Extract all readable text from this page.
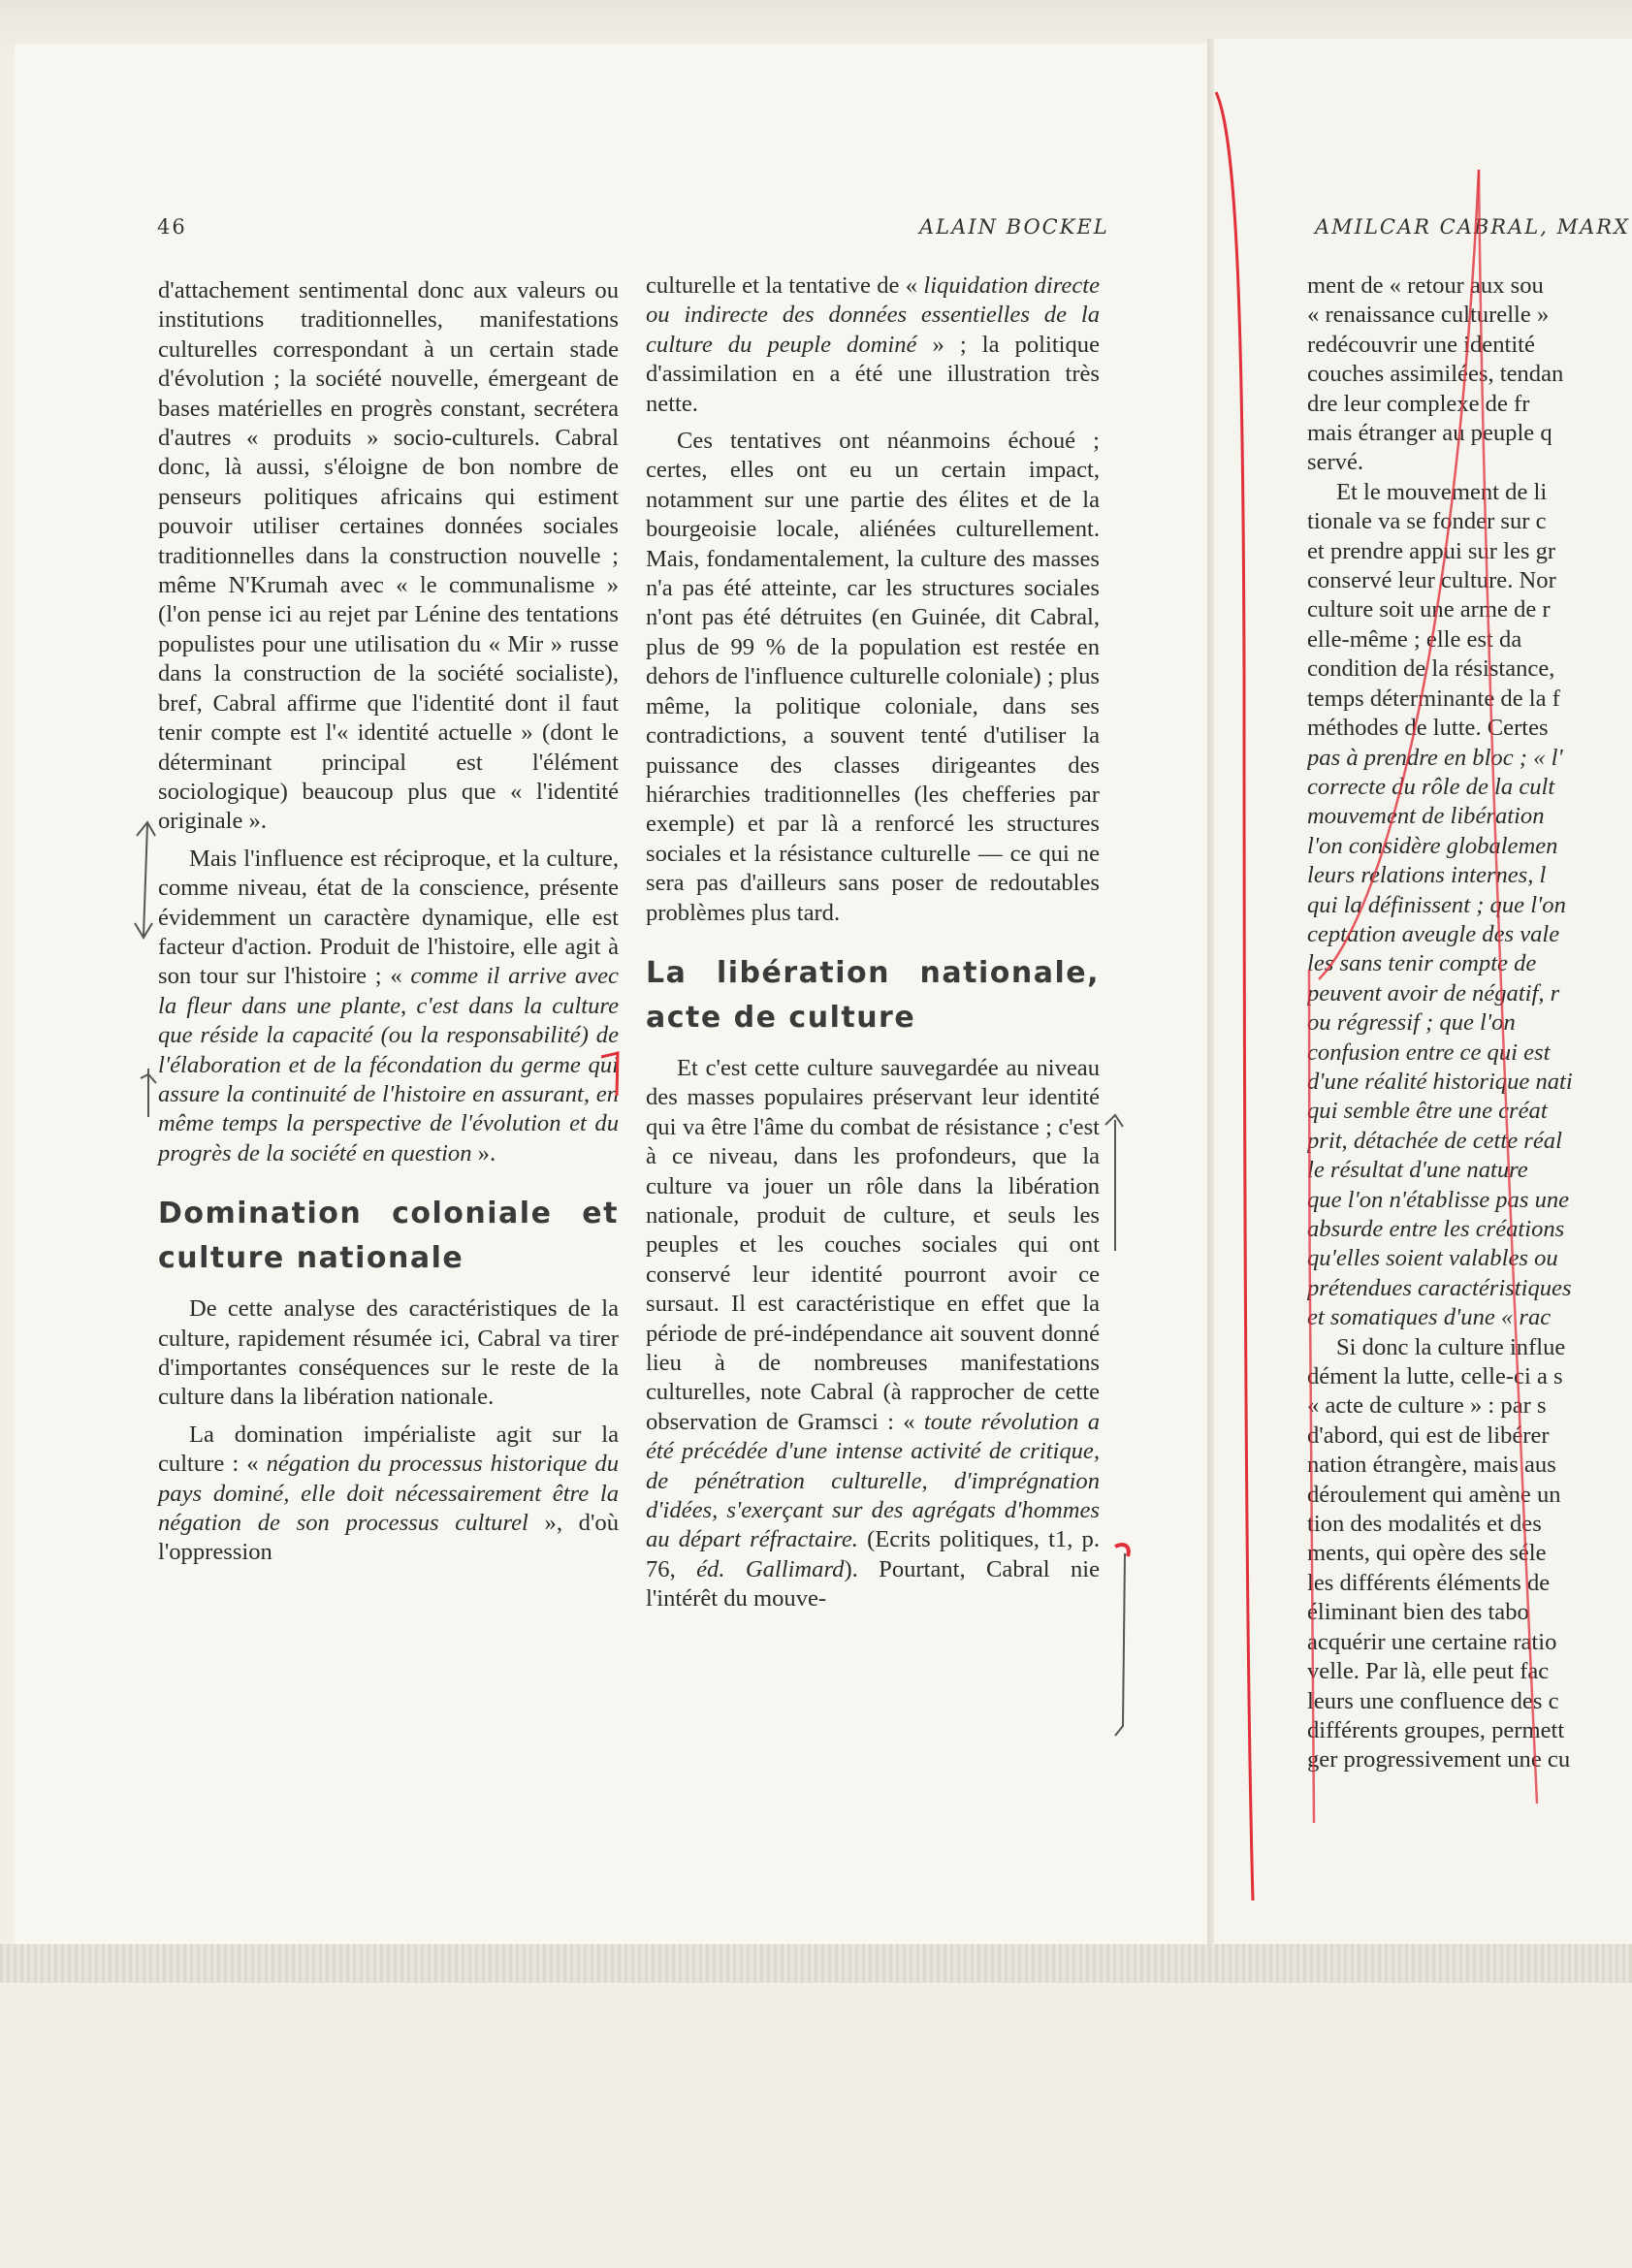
46	ALAIN BOCKEL	AMILCAR CABRAL, MARX

d'attachement sentimental donc aux valeurs ou institutions traditionnelles, manifestations culturelles correspondant à un certain stade d'évolution ; la société nouvelle, émergeant de bases matérielles en progrès constant, secrétera d'autres « produits » socio-culturels. Cabral donc, là aussi, s'éloigne de bon nombre de penseurs politiques africains qui estiment pouvoir utiliser certaines données sociales traditionnelles dans la construction nouvelle ; même N'Krumah avec « le communalisme » (l'on pense ici au rejet par Lénine des tentations populistes pour une utilisation du « Mir » russe dans la construction de la société socialiste), bref, Cabral affirme que l'identité dont il faut tenir compte est l'« identité actuelle » (dont le déterminant principal est l'élément sociologique) beaucoup plus que « l'identité originale ».

Mais l'influence est réciproque, et la culture, comme niveau, état de la conscience, présente évidemment un caractère dynamique, elle est facteur d'action. Produit de l'histoire, elle agit à son tour sur l'histoire ; « comme il arrive avec la fleur dans une plante, c'est dans la culture que réside la capacité (ou la responsabilité) de l'élaboration et de la fécondation du germe qui assure la continuité de l'histoire en assurant, en même temps la perspective de l'évolution et du progrès de la société en question ».

Domination coloniale et culture nationale

De cette analyse des caractéristiques de la culture, rapidement résumée ici, Cabral va tirer d'importantes conséquences sur le reste de la culture dans la libération nationale.

La domination impérialiste agit sur la culture : « négation du processus historique du pays dominé, elle doit nécessairement être la négation de son processus culturel », d'où l'oppression

culturelle et la tentative de « liquidation directe ou indirecte des données essentielles de la culture du peuple dominé » ; la politique d'assimilation en a été une illustration très nette.

Ces tentatives ont néanmoins échoué ; certes, elles ont eu un certain impact, notamment sur une partie des élites et de la bourgeoisie locale, aliénées culturellement. Mais, fondamentalement, la culture des masses n'a pas été atteinte, car les structures sociales n'ont pas été détruites (en Guinée, dit Cabral, plus de 99 % de la population est restée en dehors de l'influence culturelle coloniale) ; plus même, la politique coloniale, dans ses contradictions, a souvent tenté d'utiliser la puissance des classes dirigeantes des hiérarchies traditionnelles (les chefferies par exemple) et par là a renforcé les structures sociales et la résistance culturelle — ce qui ne sera pas d'ailleurs sans poser de redoutables problèmes plus tard.

La libération nationale, acte de culture

Et c'est cette culture sauvegardée au niveau des masses populaires préservant leur identité qui va être l'âme du combat de résistance ; c'est à ce niveau, dans les profondeurs, que la culture va jouer un rôle dans la libération nationale, produit de culture, et seuls les peuples et les couches sociales qui ont conservé leur identité pourront avoir ce sursaut. Il est caractéristique en effet que la période de pré-indépendance ait souvent donné lieu à de nombreuses manifestations culturelles, note Cabral (à rapprocher de cette observation de Gramsci : « toute révolution a été précédée d'une intense activité de critique, de pénétration culturelle, d'imprégnation d'idées, s'exerçant sur des agrégats d'hommes au départ réfractaire. (Ecrits politiques, t1, p. 76, éd. Gallimard). Pourtant, Cabral nie l'intérêt du mouve-

ment de « retour aux sou
« renaissance culturelle »
redécouvrir une identité
couches assimilées, tendan
dre leur complexe de fr
mais étranger au peuple q
servé.
Et le mouvement de li
tionale va se fonder sur c
et prendre appui sur les gr
conservé leur culture. Nor
culture soit une arme de r
elle-même ; elle est da
condition de la résistance,
temps déterminante de la f
méthodes de lutte. Certes
pas à prendre en bloc ; « l'
correcte du rôle de la cult
mouvement de libération
l'on considère globalemen
leurs relations internes, l
qui la définissent ; que l'on
ceptation aveugle des vale
les sans tenir compte de
peuvent avoir de négatif, r
ou régressif ; que l'on
confusion entre ce qui est
d'une réalité historique nati
qui semble être une créat
prit, détachée de cette réal
le résultat d'une nature
que l'on n'établisse pas une
absurde entre les créations
qu'elles soient valables ou
prétendues caractéristiques
et somatiques d'une « rac
Si donc la culture influe
dément la lutte, celle-ci a s
« acte de culture » : par s
d'abord, qui est de libérer
nation étrangère, mais aus
déroulement qui amène un
tion des modalités et des
ments, qui opère des séle
les différents éléments de
éliminant bien des tabo
acquérir une certaine ratio
velle. Par là, elle peut fac
leurs une confluence des c
différents groupes, permett
ger progressivement une cu
